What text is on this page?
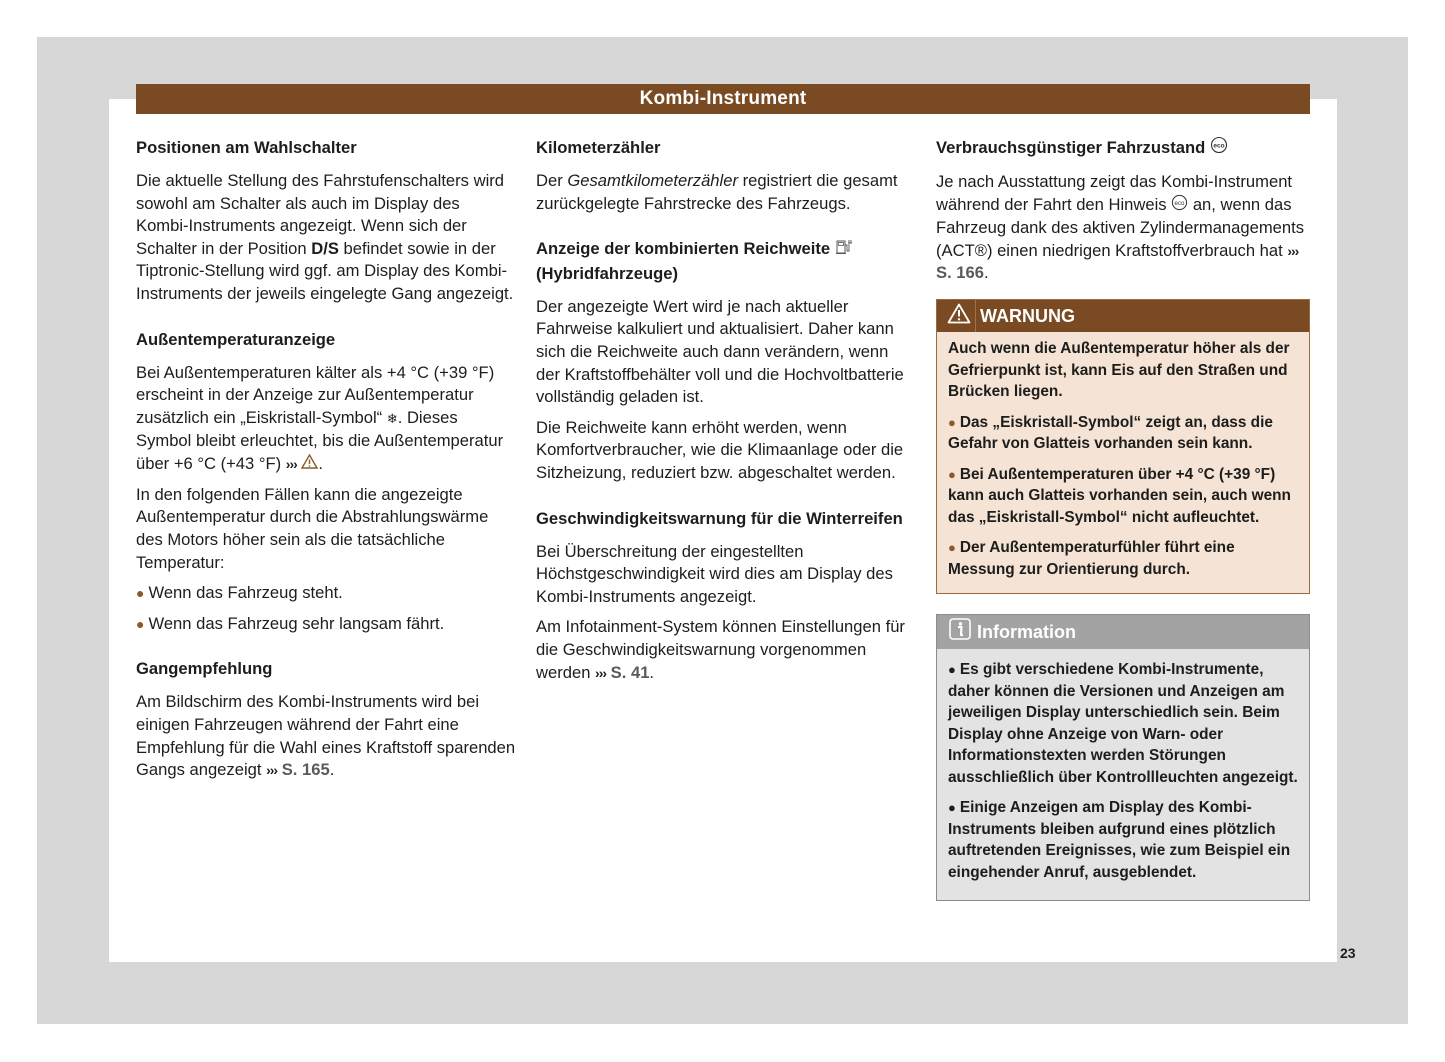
Kombi-Instrument
Positionen am Wahlschalter

Die aktuelle Stellung des Fahrstufenschalters wird sowohl am Schalter als auch im Display des Kombi-Instruments angezeigt. Wenn sich der Schalter in der Position D/S befindet sowie in der Tiptronic-Stellung wird ggf. am Display des Kombi-Instruments der jeweils eingelegte Gang angezeigt.

Außentemperaturanzeige

Bei Außentemperaturen kälter als +4 °C (+39 °F) erscheint in der Anzeige zur Außentemperatur zusätzlich ein „Eiskristall-Symbol“ ❄. Dieses Symbol bleibt erleuchtet, bis die Außentemperatur über +6 °C (+43 °F) ››› .

In den folgenden Fällen kann die angezeigte Außentemperatur durch die Abstrahlungswärme des Motors höher sein als die tatsächliche Temperatur:

● Wenn das Fahrzeug steht.

● Wenn das Fahrzeug sehr langsam fährt.

Gangempfehlung

Am Bildschirm des Kombi-Instruments wird bei einigen Fahrzeugen während der Fahrt eine Empfehlung für die Wahl eines Kraftstoff sparenden Gangs angezeigt ››› S. 165.

Kilometerzähler

Der Gesamtkilometerzähler registriert die gesamt zurückgelegte Fahrstrecke des Fahrzeugs.

Anzeige der kombinierten Reichweite
(Hybridfahrzeuge)

Der angezeigte Wert wird je nach aktueller Fahrweise kalkuliert und aktualisiert. Daher kann sich die Reichweite auch dann verändern, wenn der Kraftstoffbehälter voll und die Hochvoltbatterie vollständig geladen ist.

Die Reichweite kann erhöht werden, wenn Komfortverbraucher, wie die Klimaanlage oder die Sitzheizung, reduziert bzw. abgeschaltet werden.

Geschwindigkeitswarnung für die Winterreifen

Bei Überschreitung der eingestellten Höchstgeschwindigkeit wird dies am Display des Kombi-Instruments angezeigt.

Am Infotainment-System können Einstellungen für die Geschwindigkeitswarnung vorgenommen werden ››› S. 41.

Verbrauchsgünstiger Fahrzustand eco

Je nach Ausstattung zeigt das Kombi-Instrument während der Fahrt den Hinweis eco an, wenn das Fahrzeug dank des aktiven Zylindermanagements (ACT®) einen niedrigen Kraftstoffverbrauch hat ››› S. 166.

WARNUNG

Auch wenn die Außentemperatur höher als der Gefrierpunkt ist, kann Eis auf den Straßen und Brücken liegen.

● Das „Eiskristall-Symbol“ zeigt an, dass die Gefahr von Glatteis vorhanden sein kann.

● Bei Außentemperaturen über +4 °C (+39 °F) kann auch Glatteis vorhanden sein, auch wenn das „Eiskristall-Symbol“ nicht aufleuchtet.

● Der Außentemperaturfühler führt eine Messung zur Orientierung durch.

Information

● Es gibt verschiedene Kombi-Instrumente, daher können die Versionen und Anzeigen am jeweiligen Display unterschiedlich sein. Beim Display ohne Anzeige von Warn- oder Informationstexten werden Störungen ausschließlich über Kontrollleuchten angezeigt.

● Einige Anzeigen am Display des Kombi-Instruments bleiben aufgrund eines plötzlich auftretenden Ereignisses, wie zum Beispiel ein eingehender Anruf, ausgeblendet.

23
